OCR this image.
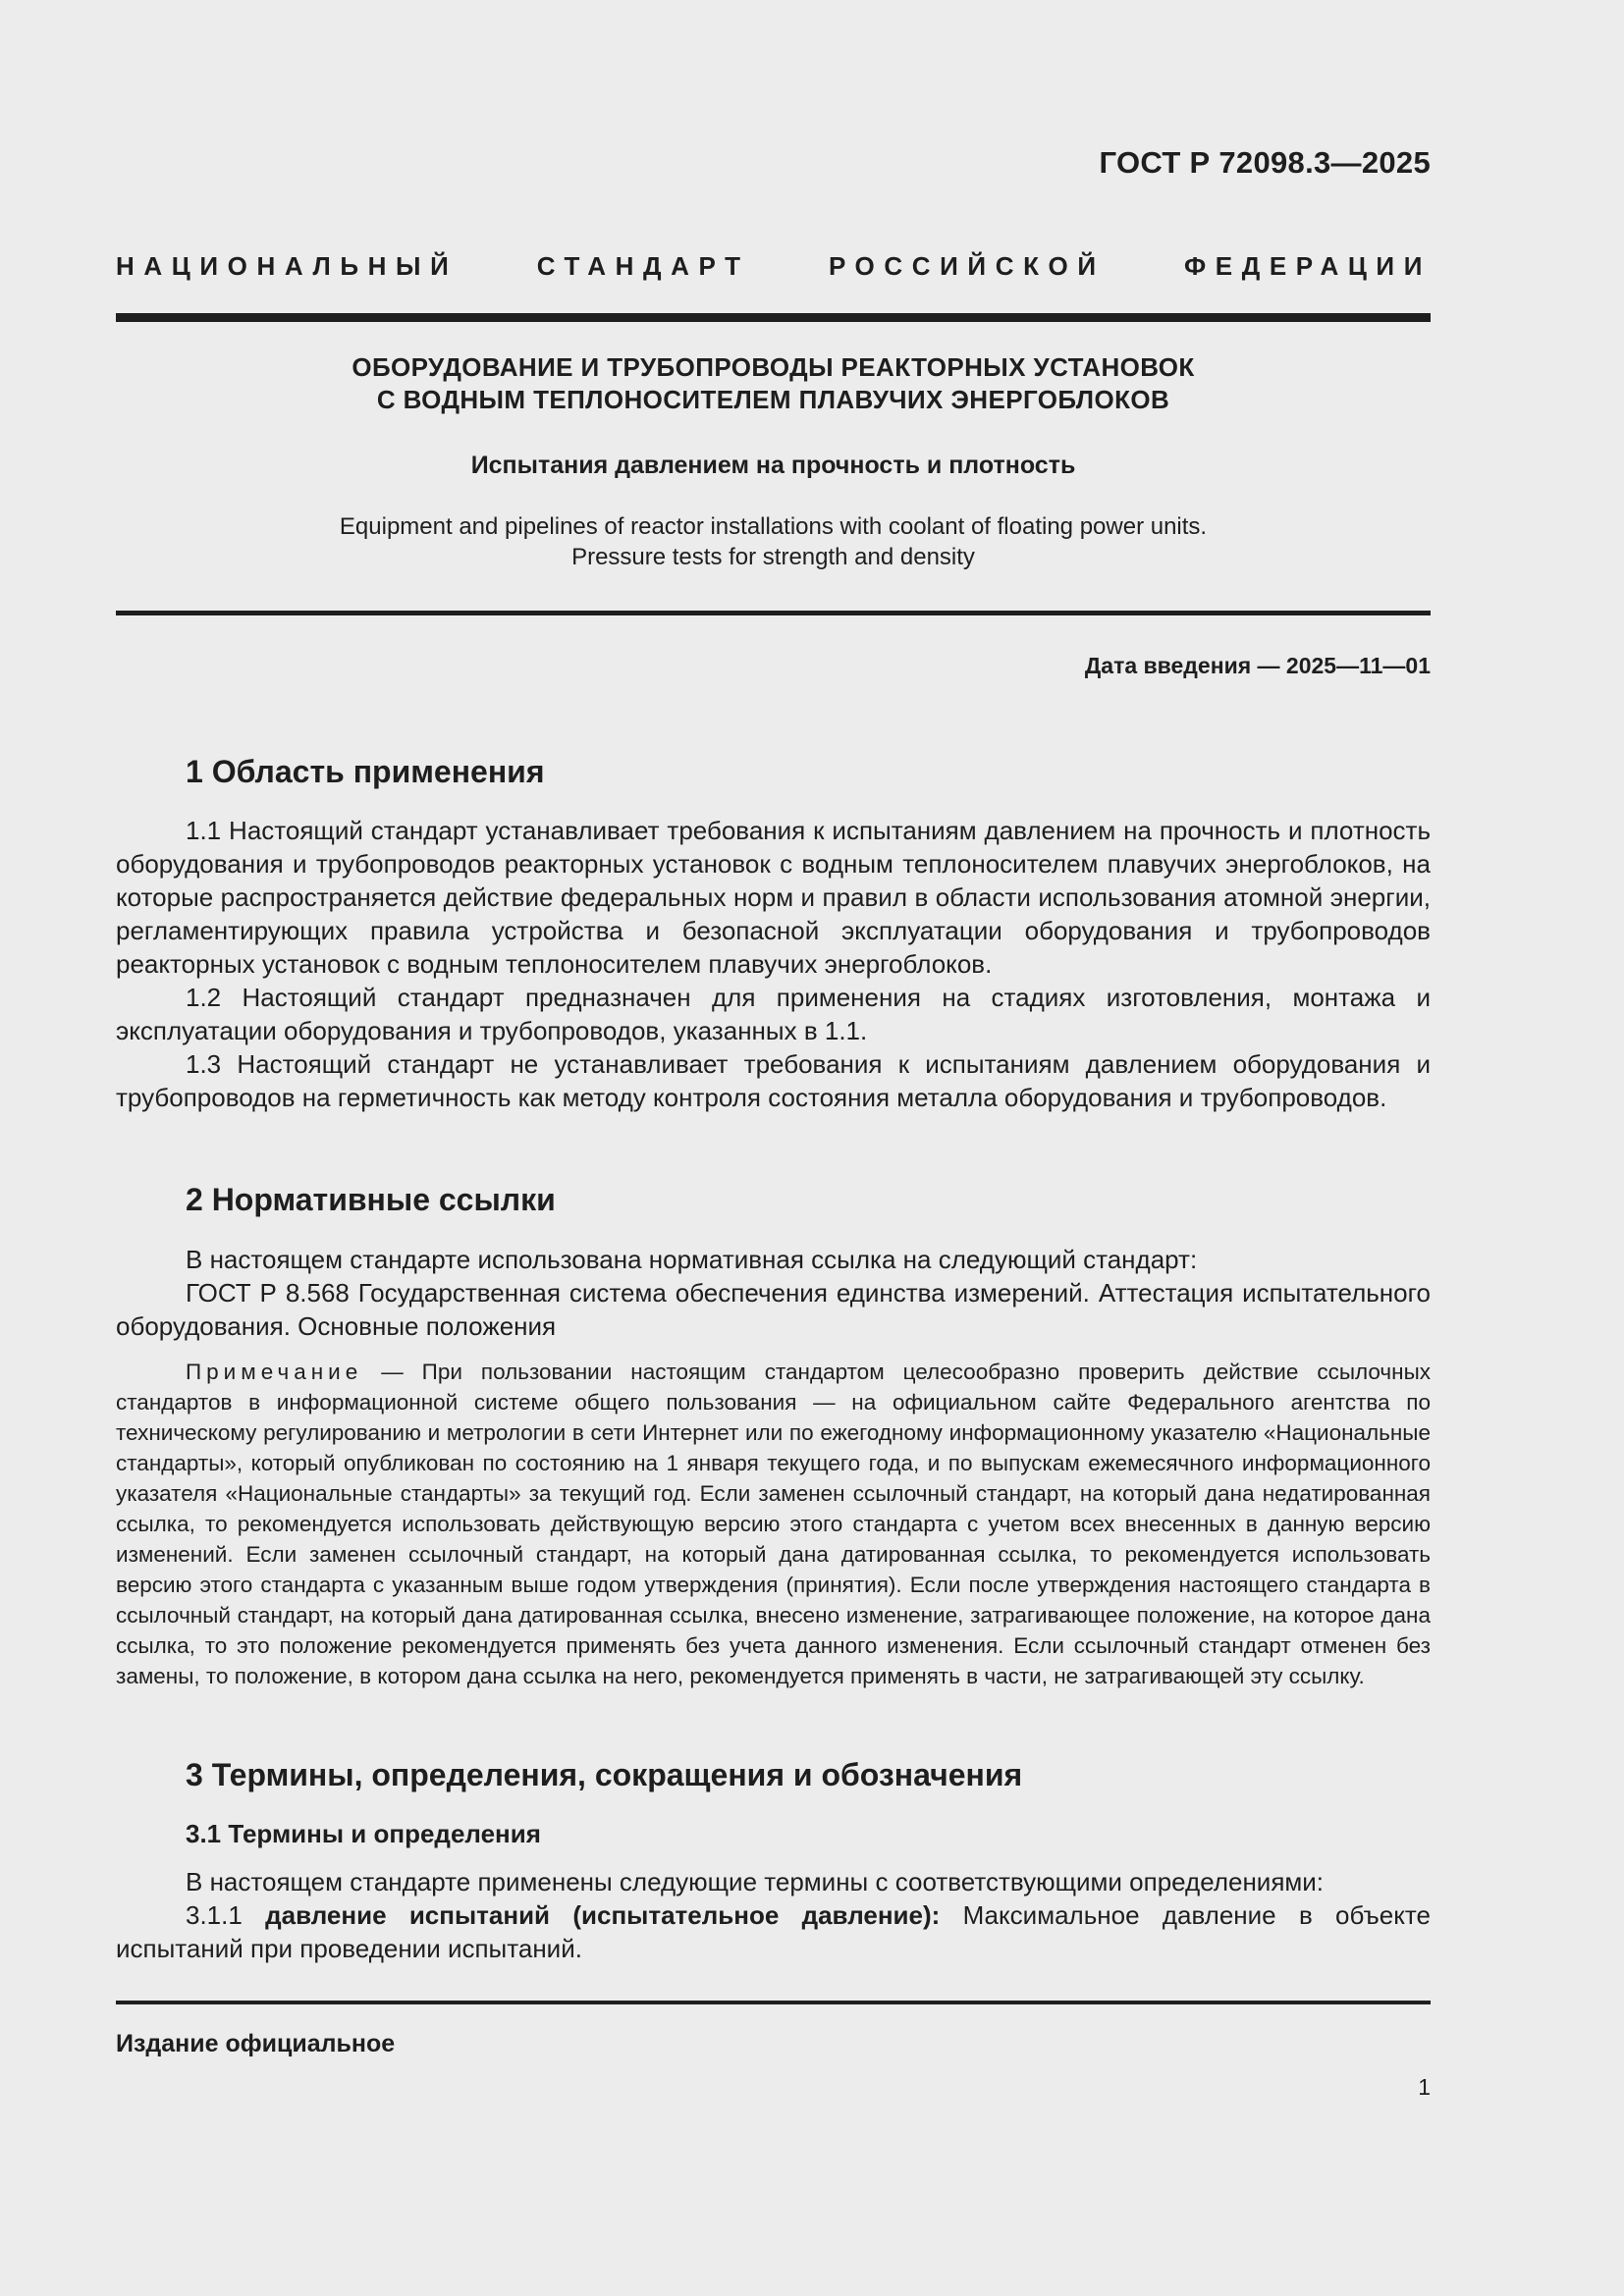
ГОСТ Р 72098.3—2025
НАЦИОНАЛЬНЫЙ СТАНДАРТ РОССИЙСКОЙ ФЕДЕРАЦИИ
ОБОРУДОВАНИЕ И ТРУБОПРОВОДЫ РЕАКТОРНЫХ УСТАНОВОК
С ВОДНЫМ ТЕПЛОНОСИТЕЛЕМ ПЛАВУЧИХ ЭНЕРГОБЛОКОВ
Испытания давлением на прочность и плотность
Equipment and pipelines of reactor installations with coolant of floating power units.
Pressure tests for strength and density
Дата введения — 2025—11—01
1 Область применения

1.1 Настоящий стандарт устанавливает требования к испытаниям давлением на прочность и плотность оборудования и трубопроводов реакторных установок с водным теплоносителем плавучих энергоблоков, на которые распространяется действие федеральных норм и правил в области использования атомной энергии, регламентирующих правила устройства и безопасной эксплуатации оборудования и трубопроводов реакторных установок с водным теплоносителем плавучих энергоблоков.

1.2 Настоящий стандарт предназначен для применения на стадиях изготовления, монтажа и эксплуатации оборудования и трубопроводов, указанных в 1.1.

1.3 Настоящий стандарт не устанавливает требования к испытаниям давлением оборудования и трубопроводов на герметичность как методу контроля состояния металла оборудования и трубопроводов.

2 Нормативные ссылки

В настоящем стандарте использована нормативная ссылка на следующий стандарт:

ГОСТ Р 8.568 Государственная система обеспечения единства измерений. Аттестация испытательного оборудования. Основные положения

Примечание — При пользовании настоящим стандартом целесообразно проверить действие ссылочных стандартов в информационной системе общего пользования — на официальном сайте Федерального агентства по техническому регулированию и метрологии в сети Интернет или по ежегодному информационному указателю «Национальные стандарты», который опубликован по состоянию на 1 января текущего года, и по выпускам ежемесячного информационного указателя «Национальные стандарты» за текущий год. Если заменен ссылочный стандарт, на который дана недатированная ссылка, то рекомендуется использовать действующую версию этого стандарта с учетом всех внесенных в данную версию изменений. Если заменен ссылочный стандарт, на который дана датированная ссылка, то рекомендуется использовать версию этого стандарта с указанным выше годом утверждения (принятия). Если после утверждения настоящего стандарта в ссылочный стандарт, на который дана датированная ссылка, внесено изменение, затрагивающее положение, на которое дана ссылка, то это положение рекомендуется применять без учета данного изменения. Если ссылочный стандарт отменен без замены, то положение, в котором дана ссылка на него, рекомендуется применять в части, не затрагивающей эту ссылку.

3 Термины, определения, сокращения и обозначения
3.1 Термины и определения

В настоящем стандарте применены следующие термины с соответствующими определениями:

3.1.1 давление испытаний (испытательное давление): Максимальное давление в объекте испытаний при проведении испытаний.

Издание официальное
1
